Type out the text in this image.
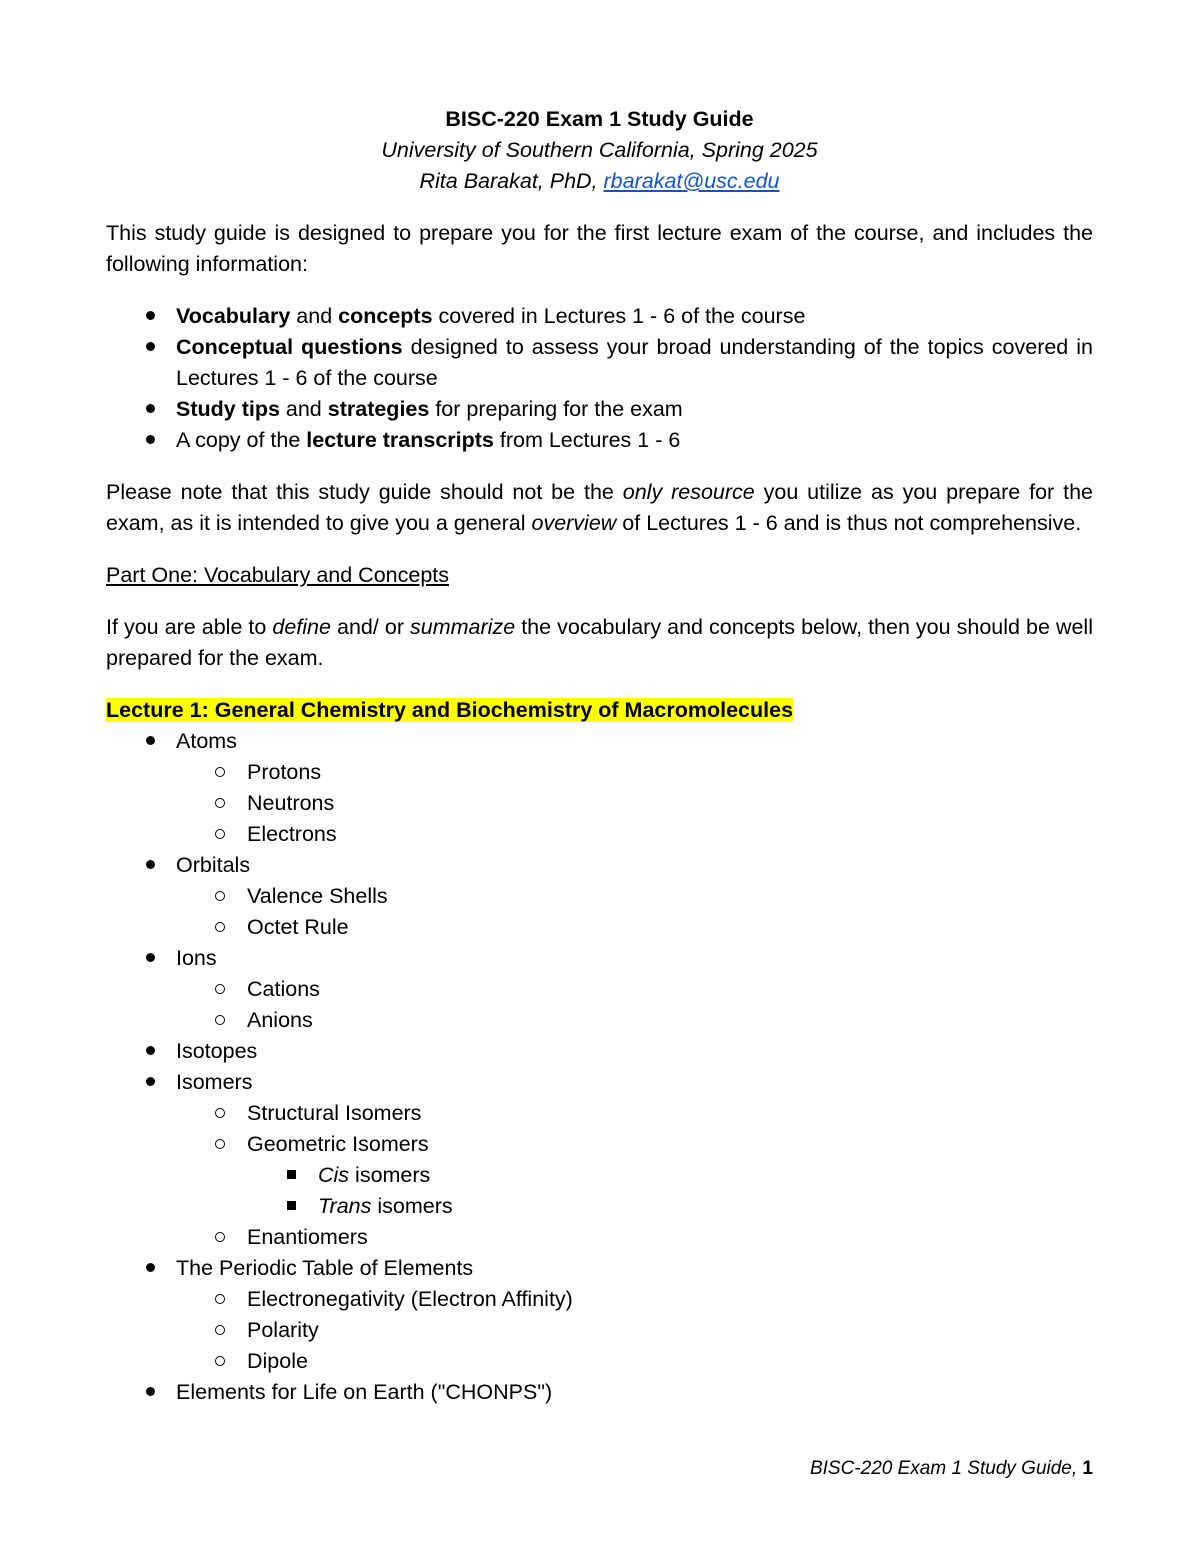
BISC-220 Exam 1 Study Guide
University of Southern California, Spring 2025
Rita Barakat, PhD, rbarakat@usc.edu

This study guide is designed to prepare you for the first lecture exam of the course, and includes the following information:

Vocabulary and concepts covered in Lectures 1 - 6 of the course
Conceptual questions designed to assess your broad understanding of the topics covered in Lectures 1 - 6 of the course
Study tips and strategies for preparing for the exam
A copy of the lecture transcripts from Lectures 1 - 6

Please note that this study guide should not be the only resource you utilize as you prepare for the exam, as it is intended to give you a general overview of Lectures 1 - 6 and is thus not comprehensive.

Part One: Vocabulary and Concepts

If you are able to define and/ or summarize the vocabulary and concepts below, then you should be well prepared for the exam.

Lecture 1: General Chemistry and Biochemistry of Macromolecules
Atoms
Protons
Neutrons
Electrons
Orbitals
Valence Shells
Octet Rule
Ions
Cations
Anions
Isotopes
Isomers
Structural Isomers
Geometric Isomers
Cis isomers
Trans isomers
Enantiomers
The Periodic Table of Elements
Electronegativity (Electron Affinity)
Polarity
Dipole
Elements for Life on Earth ("CHONPS")
BISC-220 Exam 1 Study Guide, 1
